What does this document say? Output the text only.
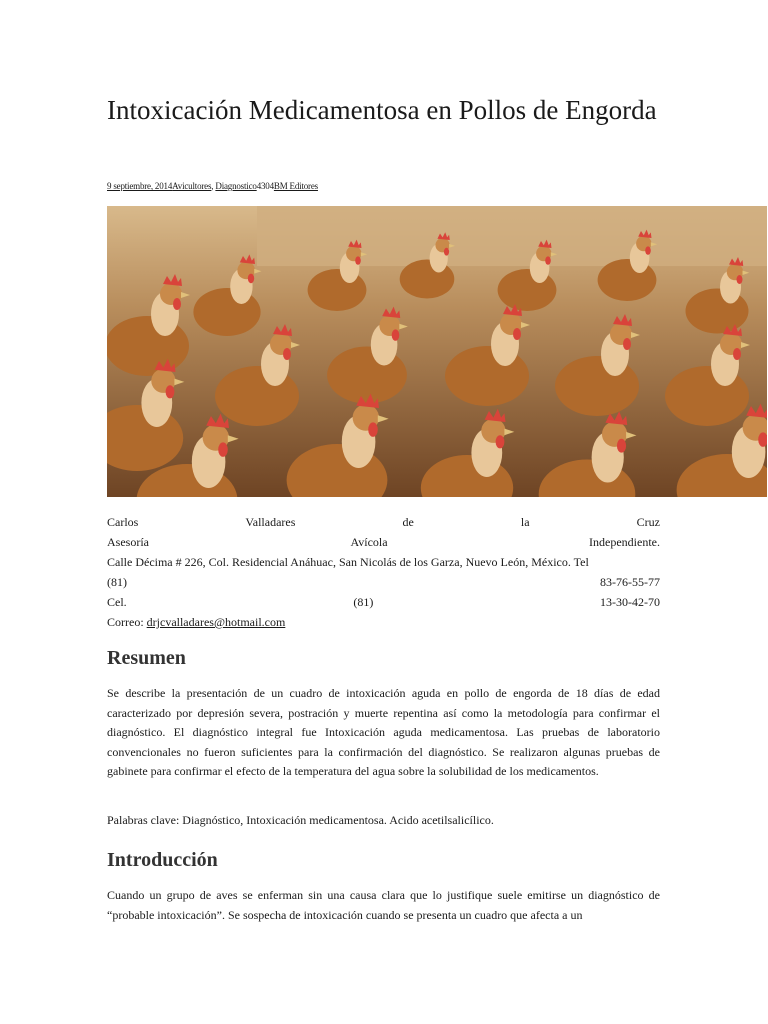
Intoxicación Medicamentosa en Pollos de Engorda
9 septiembre, 2014Avicultores, Diagnostico4304BM Editores
Carlos	Valladares	de	la	Cruz
Asesoría	Avícola	Independiente.
Calle Décima # 226, Col. Residencial Anáhuac, San Nicolás de los Garza, Nuevo León, México. Tel
(81)	83-76-55-77
Cel.	(81)	13-30-42-70
Correo: drjcvalladares@hotmail.com
Resumen

Se describe la presentación de un cuadro de intoxicación aguda en pollo de engorda de 18 días de edad caracterizado por depresión severa, postración y muerte repentina así como la metodología para confirmar el diagnóstico. El diagnóstico integral fue Intoxicación aguda medicamentosa. Las pruebas de laboratorio convencionales no fueron suficientes para la confirmación del diagnóstico. Se realizaron algunas pruebas de gabinete para confirmar el efecto de la temperatura del agua sobre la solubilidad de los medicamentos.

Palabras clave: Diagnóstico, Intoxicación medicamentosa. Acido acetilsalicílico.

Introducción

Cuando un grupo de aves se enferman sin una causa clara que lo justifique suele emitirse un diagnóstico de “probable intoxicación”. Se sospecha de intoxicación cuando se presenta un cuadro que afecta a un
